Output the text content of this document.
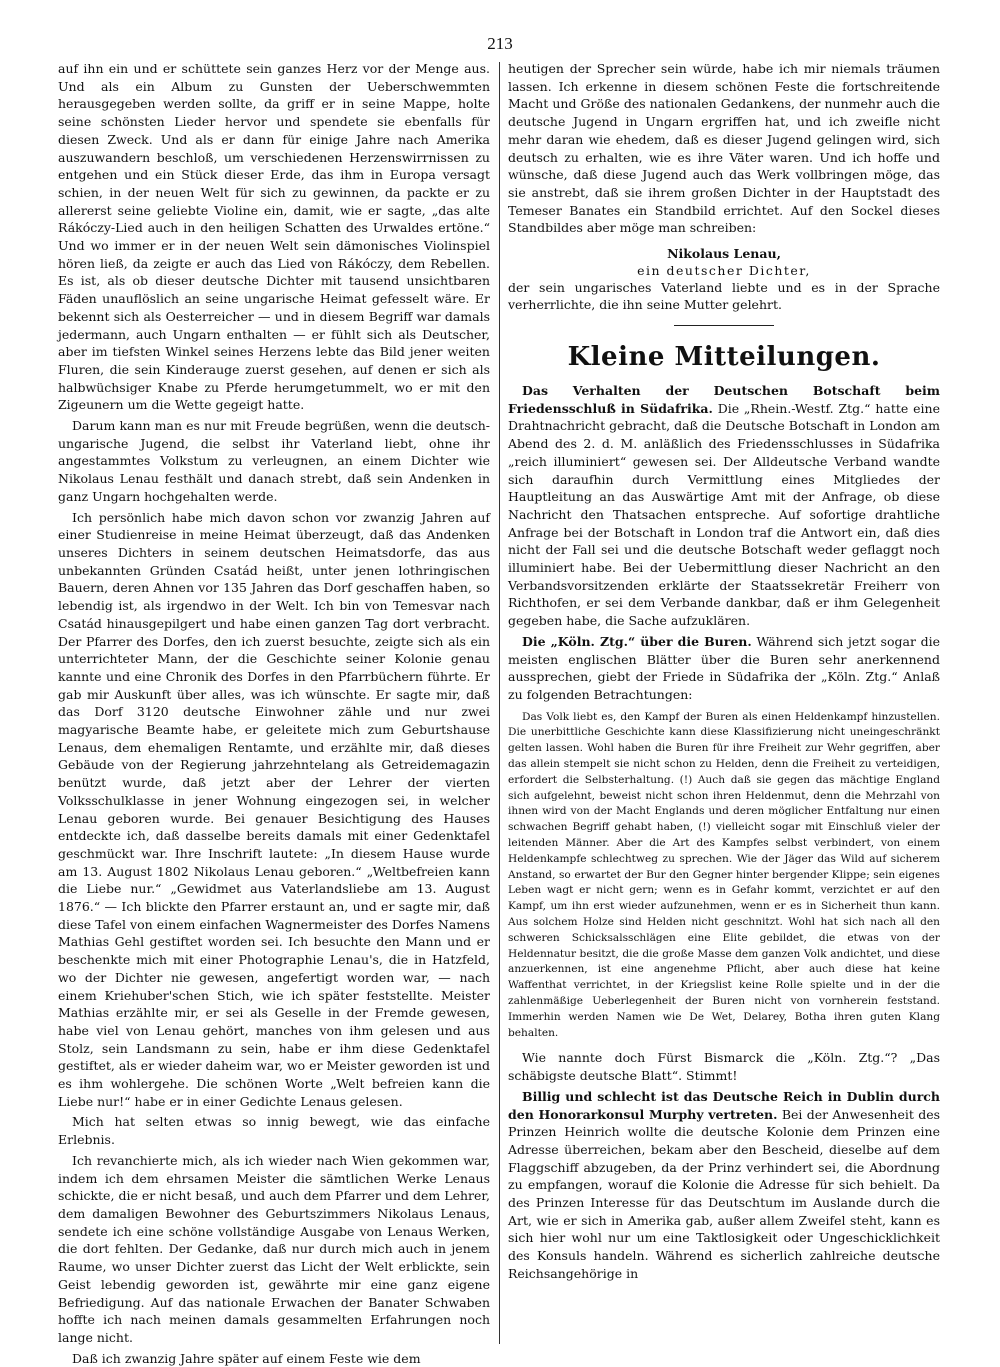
213

auf ihn ein und er schüttete sein ganzes Herz vor der Menge aus. Und als ein Album zu Gunsten der Ueberschwemmten herausgegeben werden sollte, da griff er in seine Mappe, holte seine schönsten Lieder hervor und spendete sie ebenfalls für diesen Zweck. Und als er dann für einige Jahre nach Amerika auszuwandern beschloß, um verschiedenen Herzenswirrnissen zu entgehen und ein Stück dieser Erde, das ihm in Europa versagt schien, in der neuen Welt für sich zu gewinnen, da packte er zu allererst seine geliebte Violine ein, damit, wie er sagte, „das alte Rákóczy-Lied auch in den heiligen Schatten des Urwaldes ertöne.“ Und wo immer er in der neuen Welt sein dämonisches Violinspiel hören ließ, da zeigte er auch das Lied von Rákóczy, dem Rebellen. Es ist, als ob dieser deutsche Dichter mit tausend unsichtbaren Fäden unauflöslich an seine ungarische Heimat gefesselt wäre. Er bekennt sich als Oesterreicher — und in diesem Begriff war damals jedermann, auch Ungarn enthalten — er fühlt sich als Deutscher, aber im tiefsten Winkel seines Herzens lebte das Bild jener weiten Fluren, die sein Kinderauge zuerst gesehen, auf denen er sich als halbwüchsiger Knabe zu Pferde herumgetummelt, wo er mit den Zigeunern um die Wette gegeigt hatte.

Darum kann man es nur mit Freude begrüßen, wenn die deutsch-ungarische Jugend, die selbst ihr Vaterland liebt, ohne ihr angestammtes Volkstum zu verleugnen, an einem Dichter wie Nikolaus Lenau festhält und danach strebt, daß sein Andenken in ganz Ungarn hochgehalten werde.

Ich persönlich habe mich davon schon vor zwanzig Jahren auf einer Studienreise in meine Heimat überzeugt, daß das Andenken unseres Dichters in seinem deutschen Heimatsdorfe, das aus unbekannten Gründen Csatád heißt, unter jenen lothringischen Bauern, deren Ahnen vor 135 Jahren das Dorf geschaffen haben, so lebendig ist, als irgendwo in der Welt. Ich bin von Temesvar nach Csatád hinausgepilgert und habe einen ganzen Tag dort verbracht. Der Pfarrer des Dorfes, den ich zuerst besuchte, zeigte sich als ein unterrichteter Mann, der die Geschichte seiner Kolonie genau kannte und eine Chronik des Dorfes in den Pfarrbüchern führte. Er gab mir Auskunft über alles, was ich wünschte. Er sagte mir, daß das Dorf 3120 deutsche Einwohner zähle und nur zwei magyarische Beamte habe, er geleitete mich zum Geburtshause Lenaus, dem ehemaligen Rentamte, und erzählte mir, daß dieses Gebäude von der Regierung jahrzehntelang als Getreidemagazin benützt wurde, daß jetzt aber der Lehrer der vierten Volksschulklasse in jener Wohnung eingezogen sei, in welcher Lenau geboren wurde. Bei genauer Besichtigung des Hauses entdeckte ich, daß dasselbe bereits damals mit einer Gedenktafel geschmückt war. Ihre Inschrift lautete: „In diesem Hause wurde am 13. August 1802 Nikolaus Lenau geboren.“ „Weltbefreien kann die Liebe nur.“ „Gewidmet aus Vaterlandsliebe am 13. August 1876.“ — Ich blickte den Pfarrer erstaunt an, und er sagte mir, daß diese Tafel von einem einfachen Wagnermeister des Dorfes Namens Mathias Gehl gestiftet worden sei. Ich besuchte den Mann und er beschenkte mich mit einer Photographie Lenau's, die in Hatzfeld, wo der Dichter nie gewesen, angefertigt worden war, — nach einem Kriehuber'schen Stich, wie ich später feststellte. Meister Mathias erzählte mir, er sei als Geselle in der Fremde gewesen, habe viel von Lenau gehört, manches von ihm gelesen und aus Stolz, sein Landsmann zu sein, habe er ihm diese Gedenktafel gestiftet, als er wieder daheim war, wo er Meister geworden ist und es ihm wohlergehe. Die schönen Worte „Welt befreien kann die Liebe nur!“ habe er in einer Gedichte Lenaus gelesen.

Mich hat selten etwas so innig bewegt, wie das einfache Erlebnis.

Ich revanchierte mich, als ich wieder nach Wien gekommen war, indem ich dem ehrsamen Meister die sämtlichen Werke Lenaus schickte, die er nicht besaß, und auch dem Pfarrer und dem Lehrer, dem damaligen Bewohner des Geburtszimmers Nikolaus Lenaus, sendete ich eine schöne vollständige Ausgabe von Lenaus Werken, die dort fehlten. Der Gedanke, daß nur durch mich auch in jenem Raume, wo unser Dichter zuerst das Licht der Welt erblickte, sein Geist lebendig geworden ist, gewährte mir eine ganz eigene Befriedigung. Auf das nationale Erwachen der Banater Schwaben hoffte ich nach meinen damals gesammelten Erfahrungen noch lange nicht.

Daß ich zwanzig Jahre später auf einem Feste wie dem

heutigen der Sprecher sein würde, habe ich mir niemals träumen lassen. Ich erkenne in diesem schönen Feste die fortschreitende Macht und Größe des nationalen Gedankens, der nunmehr auch die deutsche Jugend in Ungarn ergriffen hat, und ich zweifle nicht mehr daran wie ehedem, daß es dieser Jugend gelingen wird, sich deutsch zu erhalten, wie es ihre Väter waren. Und ich hoffe und wünsche, daß diese Jugend auch das Werk vollbringen möge, das sie anstrebt, daß sie ihrem großen Dichter in der Hauptstadt des Temeser Banates ein Standbild errichtet. Auf den Sockel dieses Standbildes aber möge man schreiben:

Nikolaus Lenau,
ein deutscher Dichter,
der sein ungarisches Vaterland liebte und es in der Sprache verherrlichte, die ihn seine Mutter gelehrt.
Kleine Mitteilungen.

Das Verhalten der Deutschen Botschaft beim Friedensschluß in Südafrika. Die „Rhein.-Westf. Ztg.“ hatte eine Drahtnachricht gebracht, daß die Deutsche Botschaft in London am Abend des 2. d. M. anläßlich des Friedensschlusses in Südafrika „reich illuminiert“ gewesen sei. Der Alldeutsche Verband wandte sich daraufhin durch Vermittlung eines Mitgliedes der Hauptleitung an das Auswärtige Amt mit der Anfrage, ob diese Nachricht den Thatsachen entspreche. Auf sofortige drahtliche Anfrage bei der Botschaft in London traf die Antwort ein, daß dies nicht der Fall sei und die deutsche Botschaft weder geflaggt noch illuminiert habe. Bei der Uebermittlung dieser Nachricht an den Verbandsvorsitzenden erklärte der Staatssekretär Freiherr von Richthofen, er sei dem Verbande dankbar, daß er ihm Gelegenheit gegeben habe, die Sache aufzuklären.

Die „Köln. Ztg.“ über die Buren. Während sich jetzt sogar die meisten englischen Blätter über die Buren sehr anerkennend aussprechen, giebt der Friede in Südafrika der „Köln. Ztg.“ Anlaß zu folgenden Betrachtungen:

Das Volk liebt es, den Kampf der Buren als einen Heldenkampf hinzustellen. Die unerbittliche Geschichte kann diese Klassifizierung nicht uneingeschränkt gelten lassen. Wohl haben die Buren für ihre Freiheit zur Wehr gegriffen, aber das allein stempelt sie nicht schon zu Helden, denn die Freiheit zu verteidigen, erfordert die Selbsterhaltung. (!) Auch daß sie gegen das mächtige England sich aufgelehnt, beweist nicht schon ihren Heldenmut, denn die Mehrzahl von ihnen wird von der Macht Englands und deren möglicher Entfaltung nur einen schwachen Begriff gehabt haben, (!) vielleicht sogar mit Einschluß vieler der leitenden Männer. Aber die Art des Kampfes selbst verbindert, von einem Heldenkampfe schlechtweg zu sprechen. Wie der Jäger das Wild auf sicherem Anstand, so erwartet der Bur den Gegner hinter bergender Klippe; sein eigenes Leben wagt er nicht gern; wenn es in Gefahr kommt, verzichtet er auf den Kampf, um ihn erst wieder aufzunehmen, wenn er es in Sicherheit thun kann. Aus solchem Holze sind Helden nicht geschnitzt. Wohl hat sich nach all den schweren Schicksalsschlägen eine Elite gebildet, die etwas von der Heldennatur besitzt, die die große Masse dem ganzen Volk andichtet, und diese anzuerkennen, ist eine angenehme Pflicht, aber auch diese hat keine Waffenthat verrichtet, in der Kriegslist keine Rolle spielte und in der die zahlenmäßige Ueberlegenheit der Buren nicht von vornherein feststand. Immerhin werden Namen wie De Wet, Delarey, Botha ihren guten Klang behalten.

Wie nannte doch Fürst Bismarck die „Köln. Ztg.“? „Das schäbigste deutsche Blatt“. Stimmt!

Billig und schlecht ist das Deutsche Reich in Dublin durch den Honorarkonsul Murphy vertreten. Bei der Anwesenheit des Prinzen Heinrich wollte die deutsche Kolonie dem Prinzen eine Adresse überreichen, bekam aber den Bescheid, dieselbe auf dem Flaggschiff abzugeben, da der Prinz verhindert sei, die Abordnung zu empfangen, worauf die Kolonie die Adresse für sich behielt. Da des Prinzen Interesse für das Deutschtum im Auslande durch die Art, wie er sich in Amerika gab, außer allem Zweifel steht, kann es sich hier wohl nur um eine Taktlosigkeit oder Ungeschicklichkeit des Konsuls handeln. Während es sicherlich zahlreiche deutsche Reichsangehörige in
